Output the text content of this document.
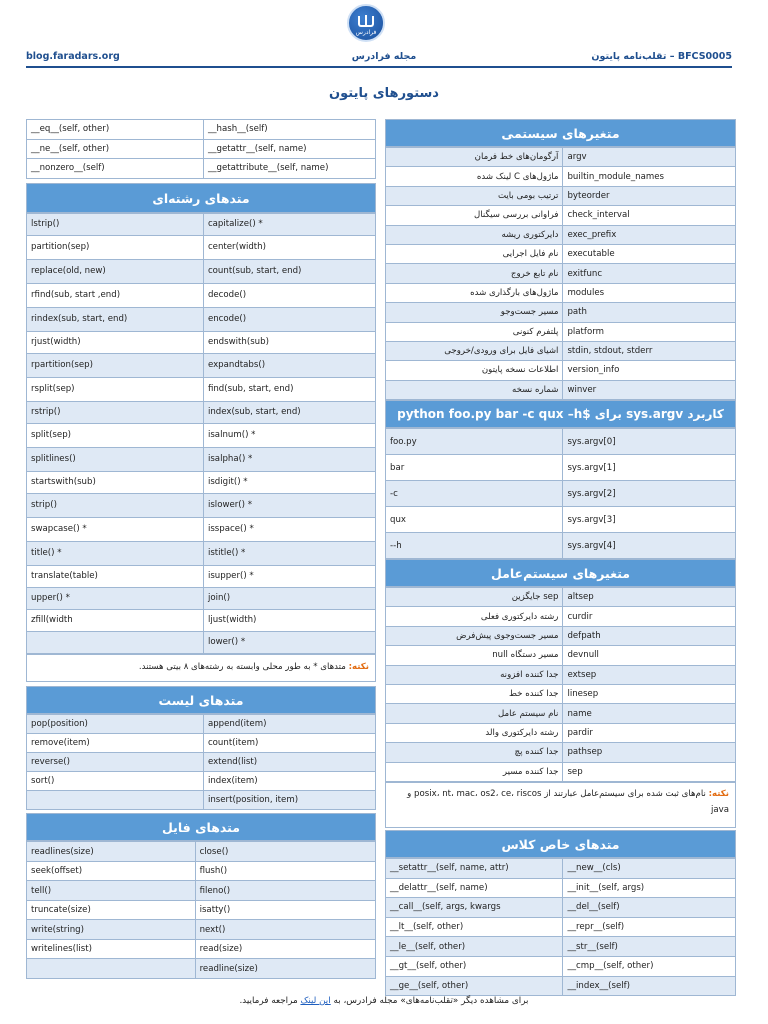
فرادرس
blog.faradars.org	مجله فرادرس	BFCS0005 – تقلب‌نامه پایتون
دستورهای پایتون
__eq__(self, other)	__hash__(self)
__ne__(self, other)	__getattr__(self, name)
__nonzero__(self)	__getattribute__(self, name)
متدهای رشته‌ای
lstrip()	capitalize() *
partition(sep)	center(width)
replace(old, new)	count(sub, start, end)
rfind(sub, start ,end)	decode()
rindex(sub, start, end)	encode()
rjust(width)	endswith(sub)
rpartition(sep)	expandtabs()
rsplit(sep)	find(sub, start, end)
rstrip()	index(sub, start, end)
split(sep)	isalnum() *
splitlines()	isalpha() *
startswith(sub)	isdigit() *
strip()	islower() *
swapcase() *	isspace() *
title() *	istitle() *
translate(table)	isupper() *
upper() *	join()
zfill(width	ljust(width)
	lower() *
نکته: متدهای * به طور محلی وابسته به رشته‌های ۸ بیتی هستند.
متدهای لیست
pop(position)	append(item)
remove(item)	count(item)
reverse()	extend(list)
sort()	index(item)
	insert(position, item)
متدهای فایل
readlines(size)	close()
seek(offset)	flush()
tell()	fileno()
truncate(size)	isatty()
write(string)	next()
writelines(list)	read(size)
	readline(size)
متغیرهای سیستمی
آرگومان‌های خط فرمان	argv
ماژول‌های C لینک شده	builtin_module_names
ترتیب بومی بایت	byteorder
فراوانی بررسی سیگنال	check_interval
دایرکتوری ریشه	exec_prefix
نام فایل اجرایی	executable
نام تابع خروج	exitfunc
ماژول‌های بارگذاری شده	modules
مسیر جست‌وجو	path
پلتفرم کنونی	platform
اشیای فایل برای ورودی/خروجی	stdin, stdout, stderr
اطلاعات نسخه پایتون	version_info
شماره نسخه	winver
کاربرد sys.argv برای $python foo.py bar -c qux –h
foo.py	sys.argv[0]
bar	sys.argv[1]
-c	sys.argv[2]
qux	sys.argv[3]
--h	sys.argv[4]
متغیرهای سیستم‌عامل
sep جایگزین	altsep
رشته دایرکتوری فعلی	curdir
مسیر جست‌وجوی پیش‌فرض	defpath
مسیر دستگاه null	devnull
جدا کننده افزونه	extsep
جدا کننده خط	linesep
نام سیستم عامل	name
رشته دایرکتوری والد	pardir
جدا کننده پچ	pathsep
جدا کننده مسیر	sep
نکته: نام‌های ثبت شده برای سیستم‌عامل عبارتند از posix، nt، mac، os2، ce، riscos و java
متدهای خاص کلاس
__setattr__(self, name, attr)	__new__(cls)
__delattr__(self, name)	__init__(self, args)
__call__(self, args, kwargs	__del__(self)
__lt__(self, other)	__repr__(self)
__le__(self, other)	__str__(self)
__gt__(self, other)	__cmp__(self, other)
__ge__(self, other)	__index__(self)
برای مشاهده دیگر «تقلب‌نامه‌های» مجله فرادرس، به این لینک مراجعه فرمایید.
